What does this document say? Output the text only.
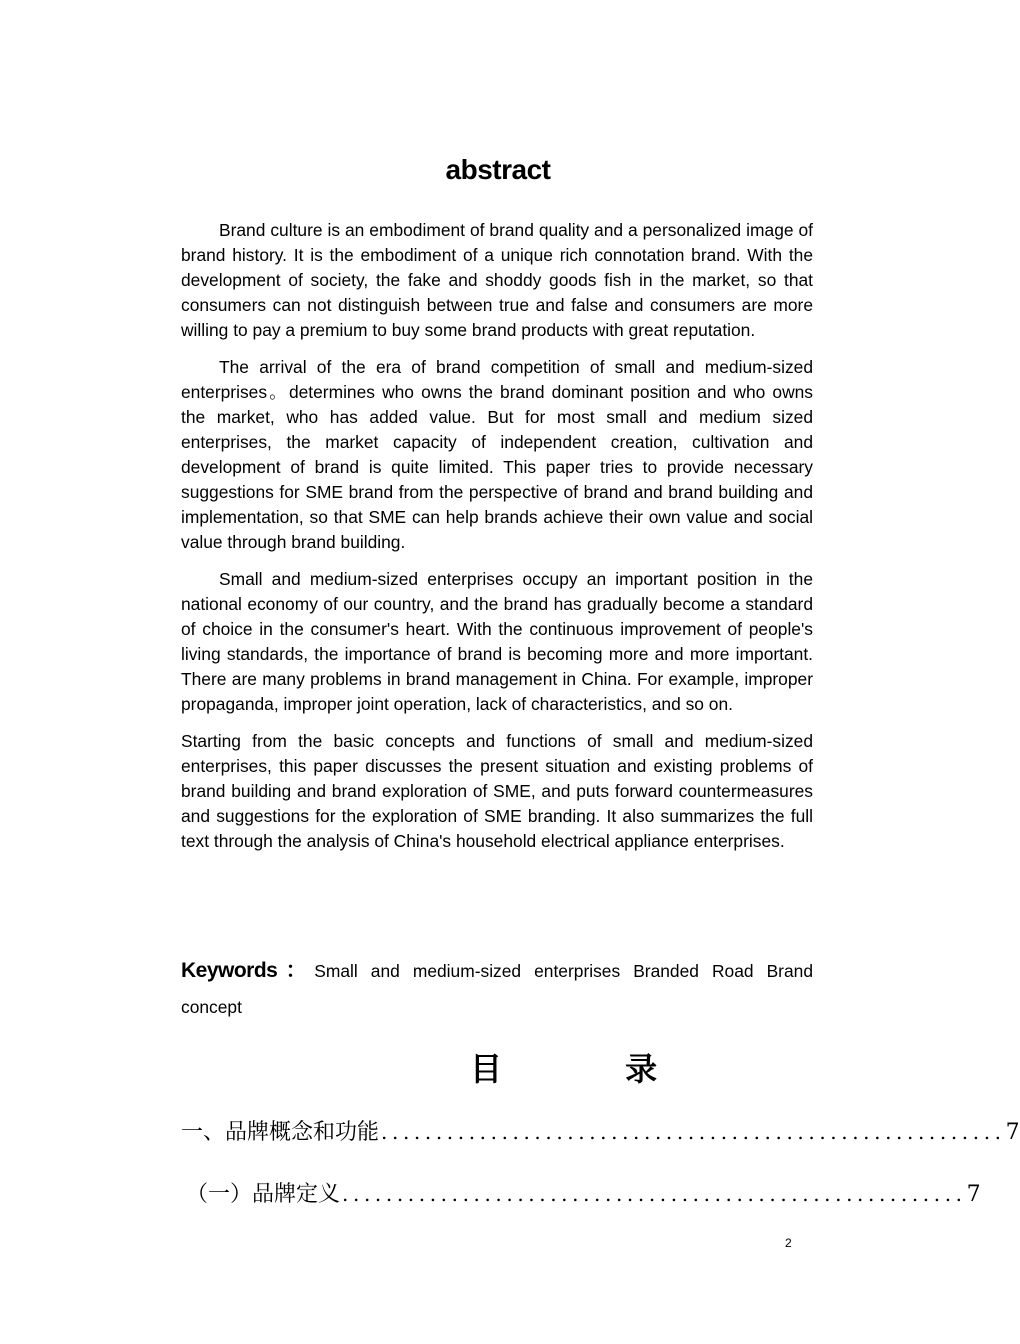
abstract

Brand culture is an embodiment of brand quality and a personalized image of brand history. It is the embodiment of a unique rich connotation brand. With the development of society, the fake and shoddy goods fish in the market, so that consumers can not distinguish between true and false and consumers are more willing to pay a premium to buy some brand products with great reputation.

The arrival of the era of brand competition of small and medium-sized enterprises。determines who owns the brand dominant position and who owns the market, who has added value. But for most small and medium sized enterprises, the market capacity of independent creation, cultivation and development of brand is quite limited. This paper tries to provide necessary suggestions for SME brand from the perspective of brand and brand building and implementation, so that SME can help brands achieve their own value and social value through brand building.

Small and medium-sized enterprises occupy an important position in the national economy of our country, and the brand has gradually become a standard of choice in the consumer's heart. With the continuous improvement of people's living standards, the importance of brand is becoming more and more important. There are many problems in brand management in China. For example, improper propaganda, improper joint operation, lack of characteristics, and so on.

Starting from the basic concepts and functions of small and medium-sized enterprises, this paper discusses the present situation and existing problems of brand building and brand exploration of SME, and puts forward countermeasures and suggestions for the exploration of SME branding. It also summarizes the full text through the analysis of China's household electrical appliance enterprises.

Keywords：Small and medium-sized enterprises Branded Road Brand concept
目 录
一、 品牌概念和功能 ......................................................... 7
（一） 品牌定义 ......................................................... 7
2
